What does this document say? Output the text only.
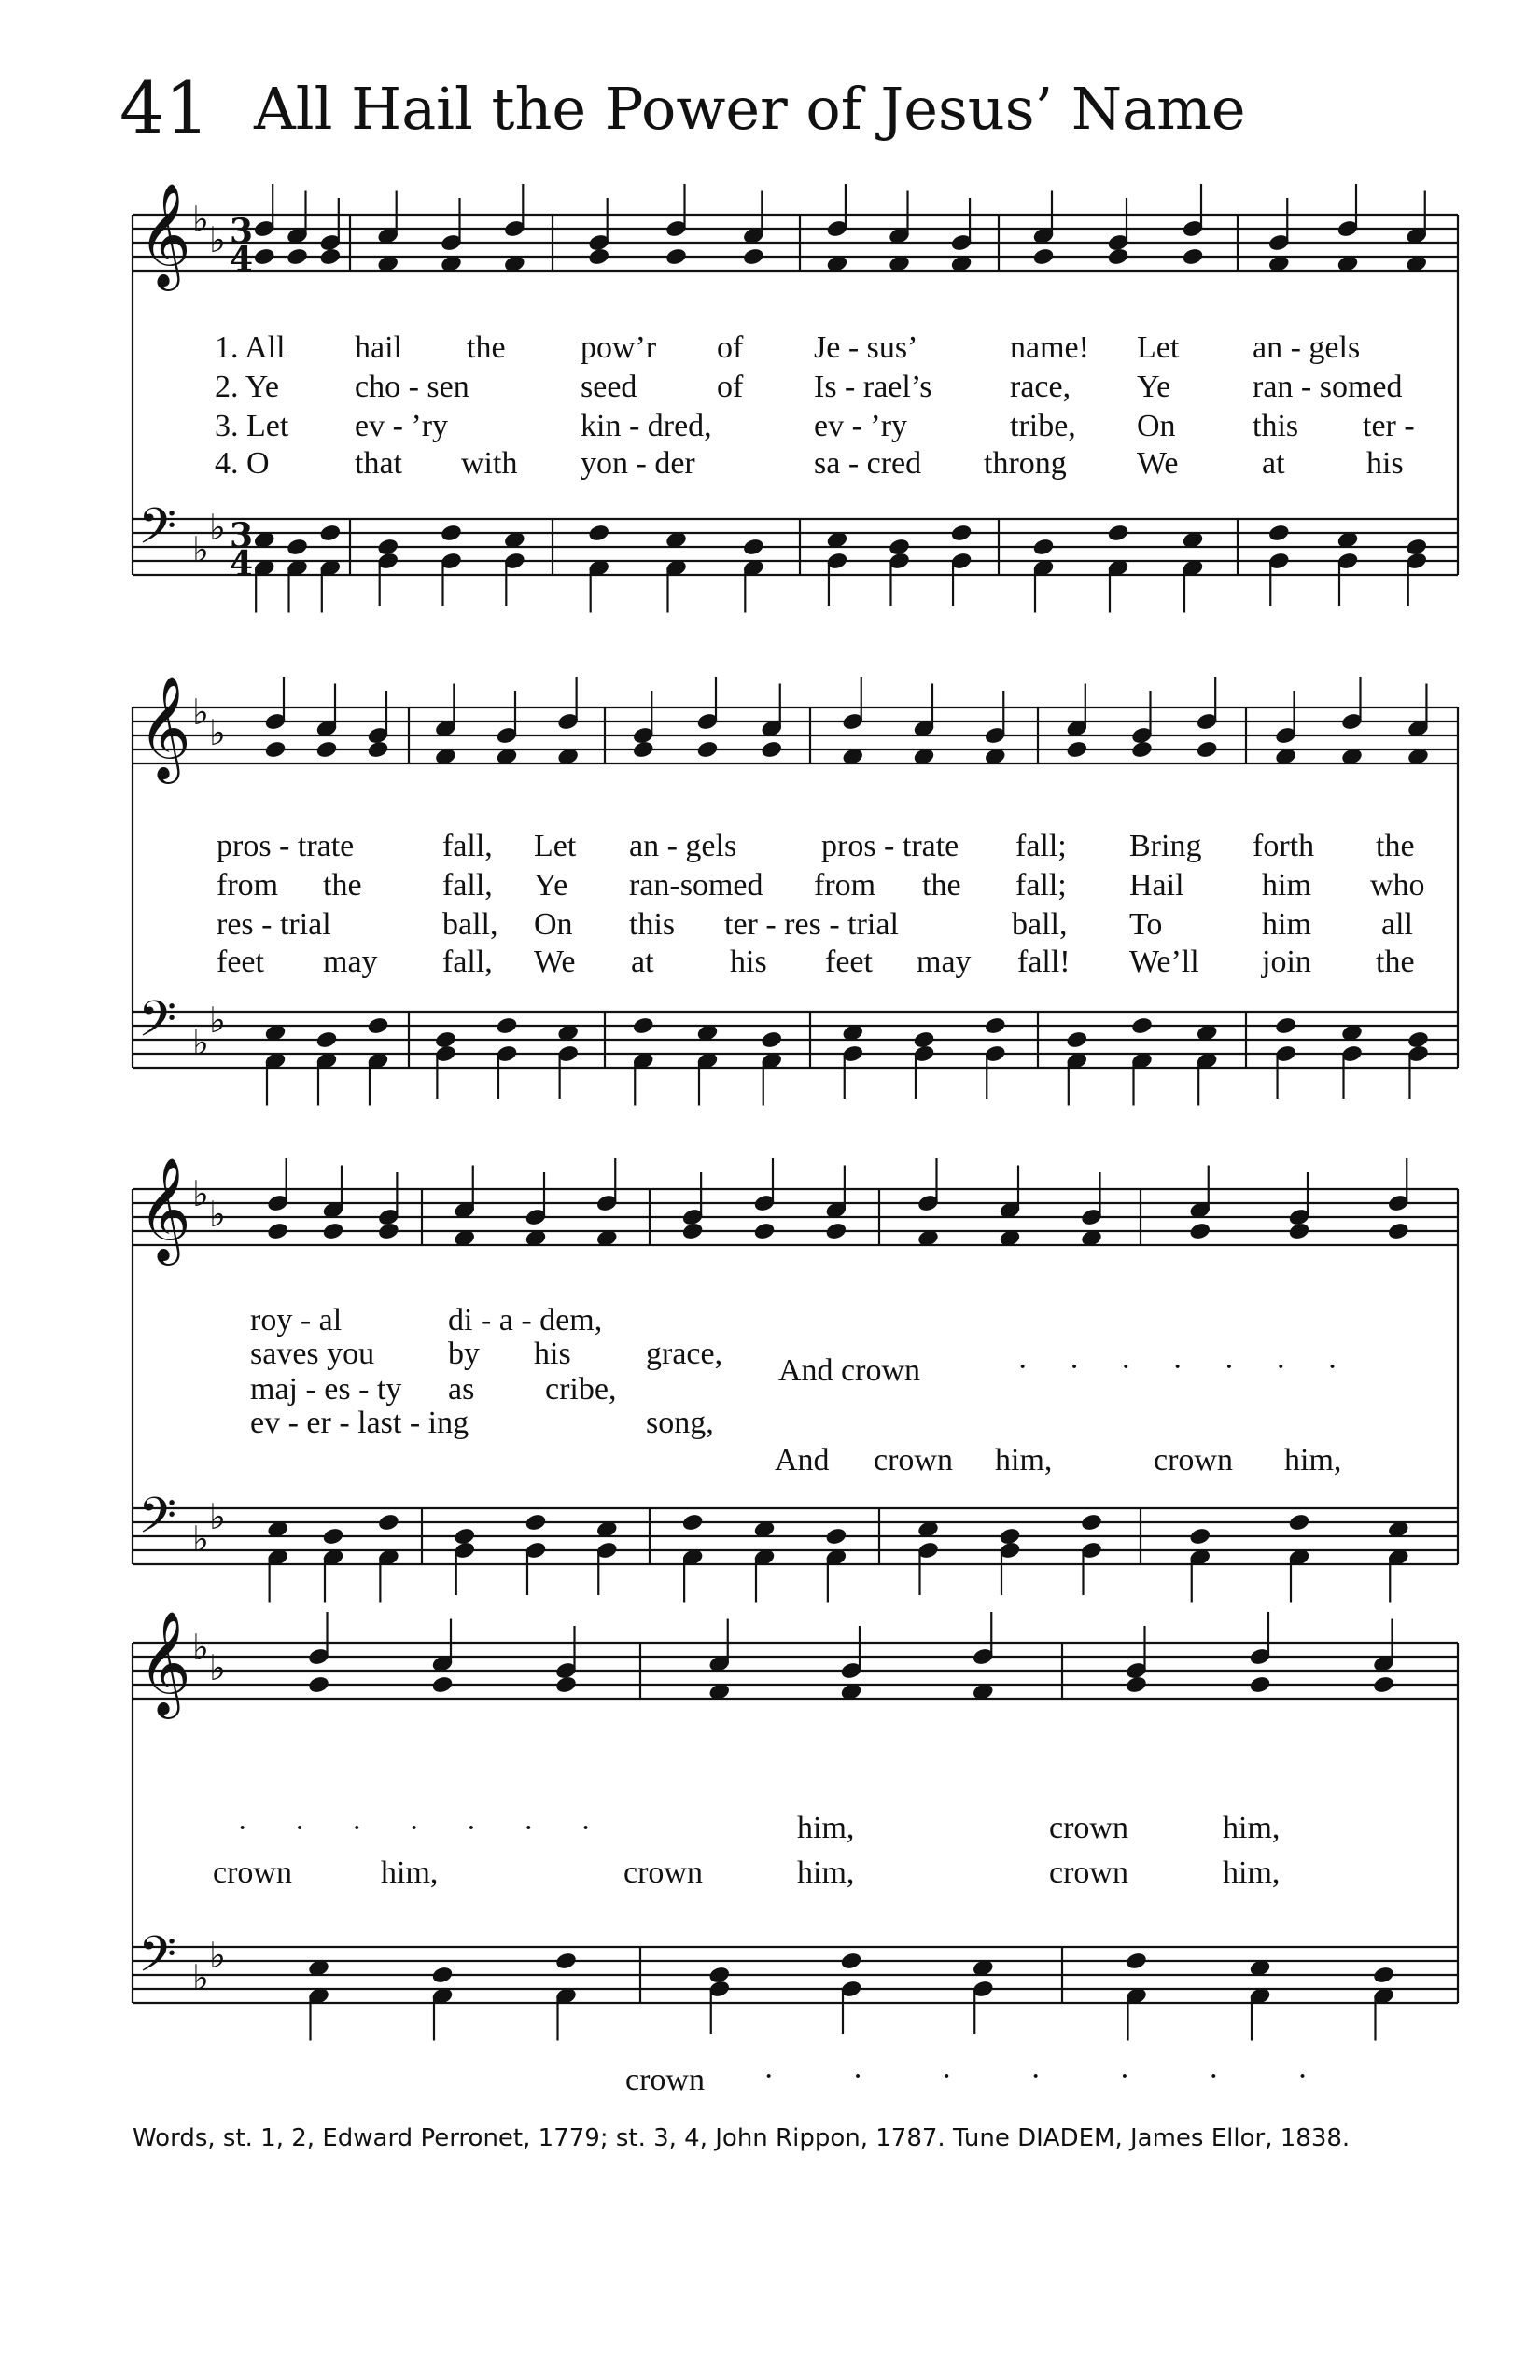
41 All Hail the Power of Jesus’ Name
𝄞 ♭ ♭ 3
4
𝄢 ♭
♭ 3
4
𝄞 ♭ ♭
𝄢 ♭
♭
𝄞 ♭ ♭
𝄢 ♭
♭
𝄞 ♭ ♭
𝄢 ♭
♭
1. All hail the pow’r of Je - sus’	name! Let an - gels
2. Ye cho - sen	seed	of Is - rael’s race, Ye	ran - somed
3. Let ev - ’ry	kin - dred,	ev - ’ry	tribe, On this ter -
4. O	that with yon - der	sa - cred throng We	at	his
pros - trate	fall, Let an - gels	pros - trate fall; Bring forth the
from the	fall, Ye ran-somed from the fall; Hail him who
res - trial	ball, On this ter - res - trial	ball, To	him all
feet may fall, We at his feet may fall! We’ll join the
roy - al	di - a - dem,
saves you by his grace,
maj - es - ty as cribe,
ev - er - last - ing	song,
And crown	·······
And crown him,	crown him,
·······	him,	crown	him,
crown	him,	crown	him,	crown	him,
crown ·······
Words, st. 1, 2, Edward Perronet, 1779; st. 3, 4, John Rippon, 1787. Tune DIADEM, James Ellor, 1838.
